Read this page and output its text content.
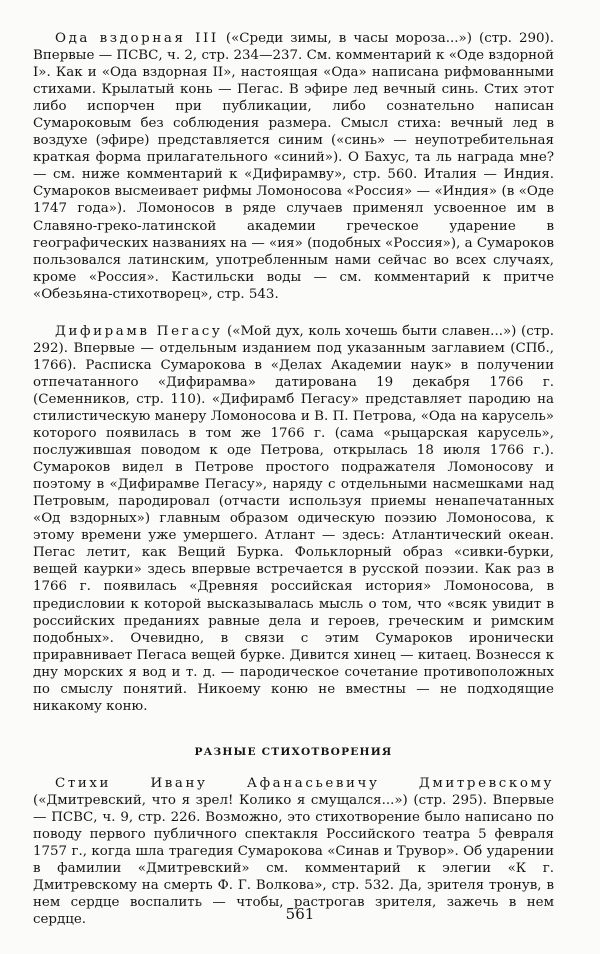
Ода вздорная III («Среди зимы, в часы мороза...») (стр. 290). Впервые — ПСВС, ч. 2, стр. 234—237. См. комментарий к «Оде вздорной I». Как и «Ода вздорная II», настоящая «Ода» написана рифмованными стихами. Крылатый конь — Пегас. В эфире лед вечный синь. Стих этот либо испорчен при публикации, либо сознательно написан Сумароковым без соблюдения размера. Смысл стиха: вечный лед в воздухе (эфире) представляется синим («синь» — неупотребительная краткая форма прилагательного «синий»). О Бахус, та ль награда мне? — см. ниже комментарий к «Дифирамву», стр. 560. Италия — Индия. Сумароков высмеивает рифмы Ломоносова «Россия» — «Индия» (в «Оде 1747 года»). Ломоносов в ряде случаев применял усвоенное им в Славяно-греко-латинской академии греческое ударение в географических названиях на — «ия» (подобных «Россия»), а Сумароков пользовался латинским, употребленным нами сейчас во всех случаях, кроме «Россия». Кастильски воды — см. комментарий к притче «Обезьяна-стихотворец», стр. 543.

Дифирамв Пегасу («Мой дух, коль хочешь быти славен...») (стр. 292). Впервые — отдельным изданием под указанным заглавием (СПб., 1766). Расписка Сумарокова в «Делах Академии наук» в получении отпечатанного «Дифирамва» датирована 19 декабря 1766 г. (Семенников, стр. 110). «Дифирамб Пегасу» представляет пародию на стилистическую манеру Ломоносова и В. П. Петрова, «Ода на карусель» которого появилась в том же 1766 г. (сама «рыцарская карусель», послужившая поводом к оде Петрова, открылась 18 июля 1766 г.). Сумароков видел в Петрове простого подражателя Ломоносову и поэтому в «Дифирамве Пегасу», наряду с отдельными насмешками над Петровым, пародировал (отчасти используя приемы ненапечатанных «Од вздорных») главным образом одическую поэзию Ломоносова, к этому времени уже умершего. Атлант — здесь: Атлантический океан. Пегас летит, как Вещий Бурка. Фольклорный образ «сивки-бурки, вещей каурки» здесь впервые встречается в русской поэзии. Как раз в 1766 г. появилась «Древняя российская история» Ломоносова, в предисловии к которой высказывалась мысль о том, что «всяк увидит в российских преданиях равные дела и героев, греческим и римским подобных». Очевидно, в связи с этим Сумароков иронически приравнивает Пегаса вещей бурке. Дивится хинец — китаец. Вознесся к дну морских я вод и т. д. — пародическое сочетание противоположных по смыслу понятий. Никоему коню не вместны — не подходящие никакому коню.

РАЗНЫЕ СТИХОТВОРЕНИЯ

Стихи Ивану Афанасьевичу Дмитревскому («Дмитревский, что я зрел! Колико я смущался...») (стр. 295). Впервые — ПСВС, ч. 9, стр. 226. Возможно, это стихотворение было написано по поводу первого публичного спектакля Российского театра 5 февраля 1757 г., когда шла трагедия Сумарокова «Синав и Трувор». Об ударении в фамилии «Дмитревский» см. комментарий к элегии «К г. Дмитревскому на смерть Ф. Г. Волкова», стр. 532. Да, зрителя тронув, в нем сердце воспалить — чтобы, растрогав зрителя, зажечь в нем сердце.	561
